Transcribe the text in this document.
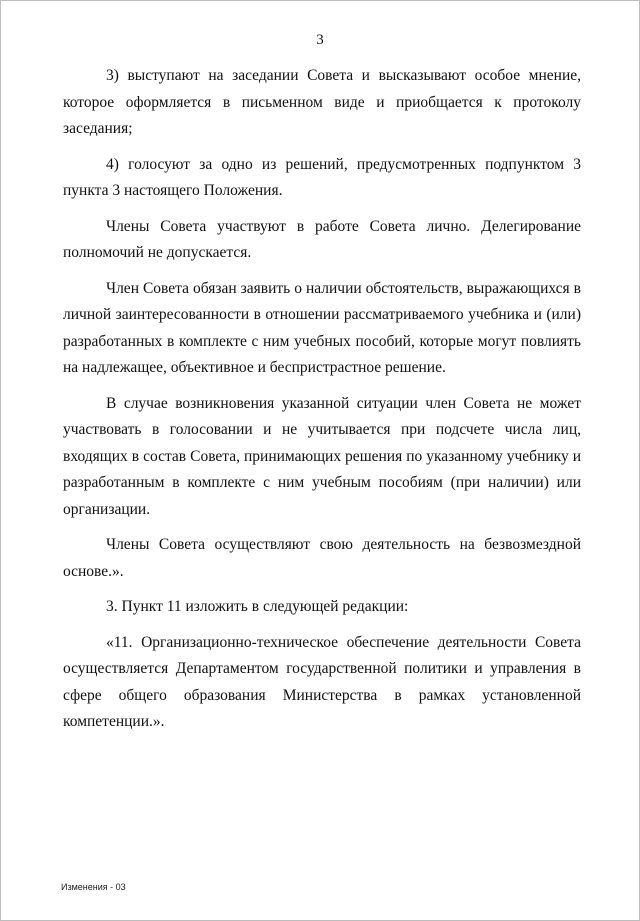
3

3) выступают на заседании Совета и высказывают особое мнение, которое оформляется в письменном виде и приобщается к протоколу заседания;

4) голосуют за одно из решений, предусмотренных подпунктом 3 пункта 3 настоящего Положения.

Члены Совета участвуют в работе Совета лично. Делегирование полномочий не допускается.

Член Совета обязан заявить о наличии обстоятельств, выражающихся в личной заинтересованности в отношении рассматриваемого учебника и (или) разработанных в комплекте с ним учебных пособий, которые могут повлиять на надлежащее, объективное и беспристрастное решение.

В случае возникновения указанной ситуации член Совета не может участвовать в голосовании и не учитывается при подсчете числа лиц, входящих в состав Совета, принимающих решения по указанному учебнику и разработанным в комплекте с ним учебным пособиям (при наличии) или организации.

Члены Совета осуществляют свою деятельность на безвозмездной основе.».

3. Пункт 11 изложить в следующей редакции:

«11. Организационно-техническое обеспечение деятельности Совета осуществляется Департаментом государственной политики и управления в сфере общего образования Министерства в рамках установленной компетенции.».

Изменения - 03
